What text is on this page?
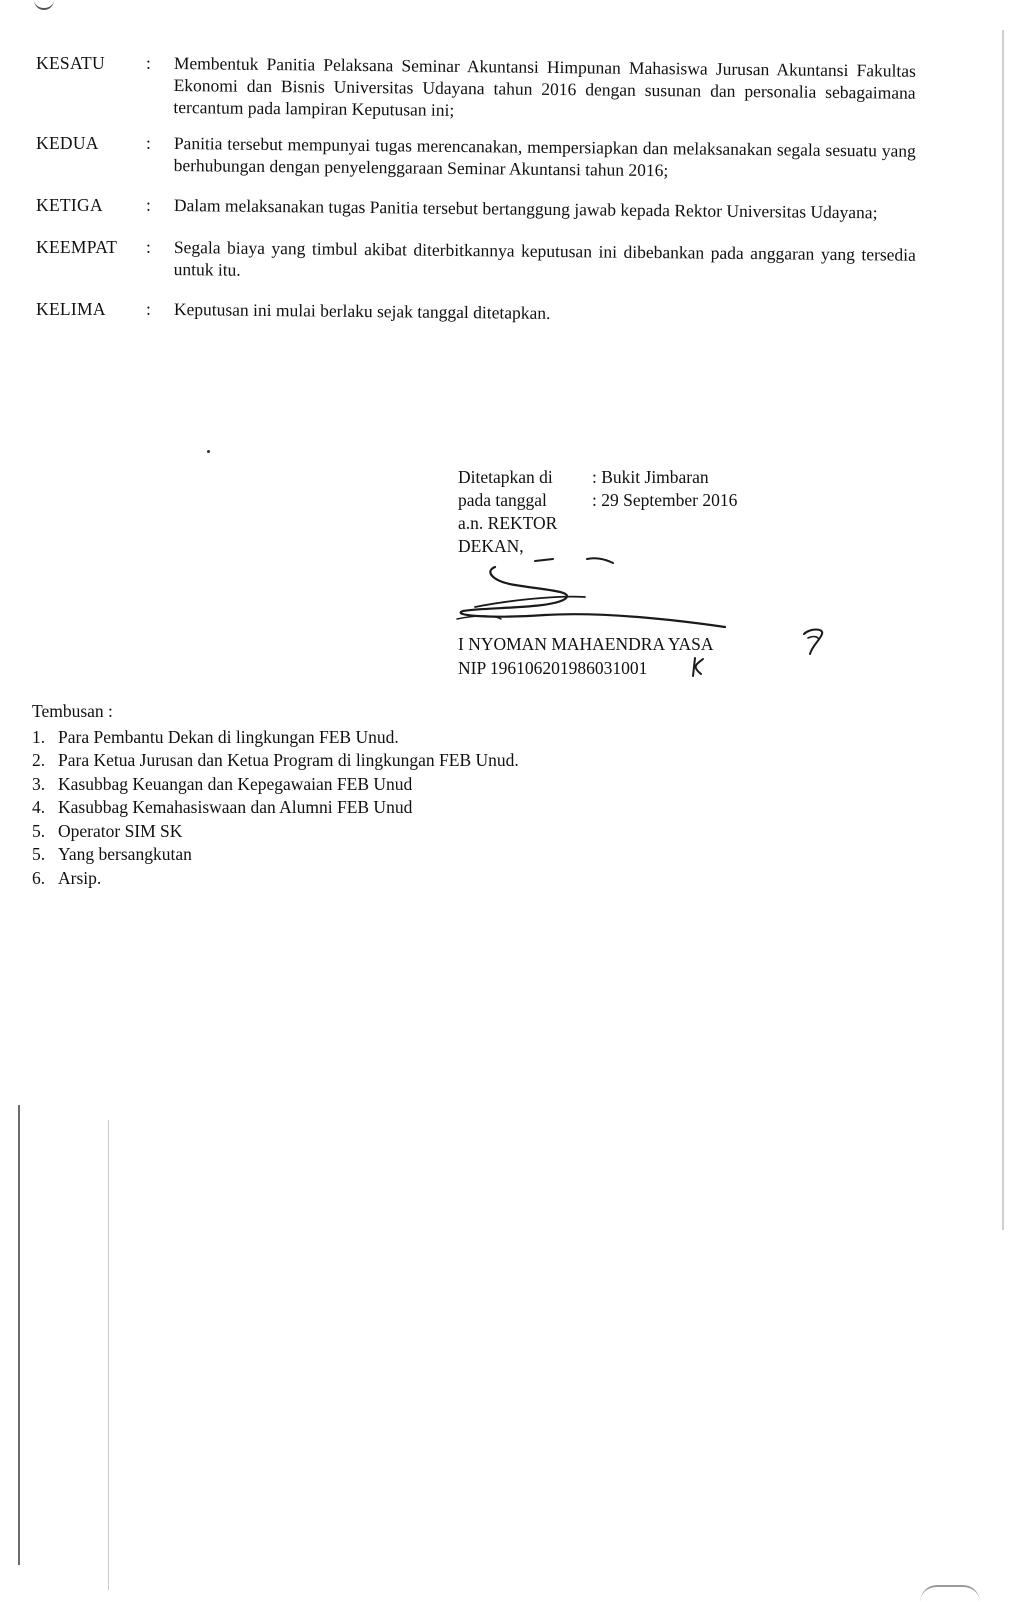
KESATU	:	Membentuk Panitia Pelaksana Seminar Akuntansi Himpunan Mahasiswa Jurusan Akuntansi Fakultas Ekonomi dan Bisnis Universitas Udayana tahun 2016 dengan susunan dan personalia sebagaimana tercantum pada lampiran Keputusan ini;
KEDUA	:	Panitia tersebut mempunyai tugas merencanakan, mempersiapkan dan melaksanakan segala sesuatu yang berhubungan dengan penyelenggaraan Seminar Akuntansi tahun 2016;
KETIGA	:	Dalam melaksanakan tugas Panitia tersebut bertanggung jawab kepada Rektor Universitas Udayana;
KEEMPAT	:	Segala biaya yang timbul akibat diterbitkannya keputusan ini dibebankan pada anggaran yang tersedia untuk itu.
KELIMA	:	Keputusan ini mulai berlaku sejak tanggal ditetapkan.
Ditetapkan di	: Bukit Jimbaran
pada tanggal	: 29 September 2016
a.n. REKTOR
DEKAN,
I NYOMAN MAHAENDRA YASA
NIP 196106201986031001
Tembusan :
1. Para Pembantu Dekan di lingkungan FEB Unud.
2. Para Ketua Jurusan dan Ketua Program di lingkungan FEB Unud.
3. Kasubbag Keuangan dan Kepegawaian FEB Unud
4. Kasubbag Kemahasiswaan dan Alumni FEB Unud
5. Operator SIM SK
5. Yang bersangkutan
6. Arsip.
